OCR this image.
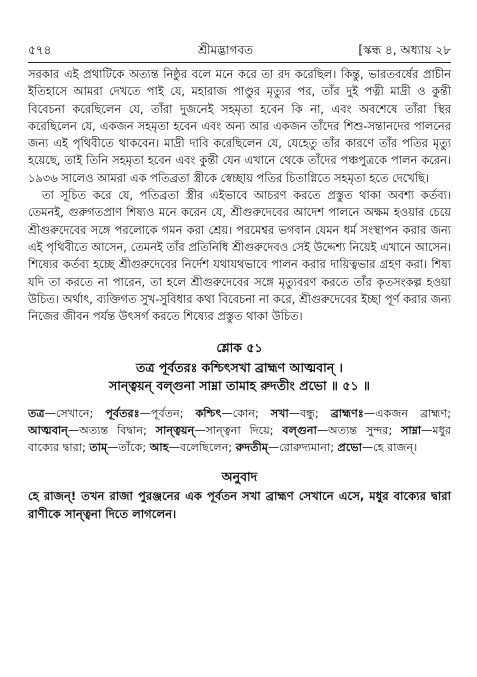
৫৭৪	শ্রীমদ্ভাগবত	[স্কন্ধ ৪, অধ্যায় ২৮

সরকার এই প্রথাটিকে অত্যন্ত নিষ্ঠুর বলে মনে করে তা রদ করেছিল। কিন্তু, ভারতবর্ষের প্রাচীন ইতিহাসে আমরা দেখতে পাই যে, মহারাজ পাণ্ডুর মৃত্যুর পর, তাঁর দুই পত্নী মাদ্রী ও কুন্তী বিবেচনা করেছিলেন যে, তাঁরা দুজনেই সহমৃতা হবেন কি না, এবং অবশেষে তাঁরা স্থির করেছিলেন যে, একজন সহমৃতা হবেন এবং অন্য আর একজন তাঁদের শিশু-সন্তানদের পালনের জন্য এই পৃথিবীতে থাকবেন। মাদ্রী দাবি করেছিলেন যে, যেহেতু তাঁর কারণে তাঁর পতির মৃত্যু হয়েছে, তাই তিনি সহমৃতা হবেন এবং কুন্তী যেন এখানে থেকে তাঁদের পঞ্চপুত্রকে পালন করেন। ১৯৩৬ সালেও আমরা এক পতিব্রতা স্ত্রীকে স্বেচ্ছায় পতির চিতাগ্নিতে সহমৃতা হতে দেখেছি।

তা সূচিত করে যে, পতিব্রতা স্ত্রীর এইভাবে আচরণ করতে প্রস্তুত থাকা অবশ্য কর্তব্য। তেমনই, গুরুগতপ্রাণ শিষ্যও মনে করেন যে, শ্রীগুরুদেবের আদেশ পালনে অক্ষম হওয়ার চেয়ে শ্রীগুরুদেবের সঙ্গে পরলোকে গমন করা শ্রেয়। পরমেশ্বর ভগবান যেমন ধর্ম সংস্থাপন করার জন্য এই পৃথিবীতে আসেন, তেমনই তাঁর প্রতিনিধি শ্রীগুরুদেবও সেই উদ্দেশ্য নিয়েই এখানে আসেন। শিষ্যের কর্তব্য হচ্ছে শ্রীগুরুদেবের নির্দেশ যথাযথভাবে পালন করার দায়িত্বভার গ্রহণ করা। শিষ্য যদি তা করতে না পারেন, তা হলে শ্রীগুরুদেবের সঙ্গে মৃত্যুবরণ করতে তাঁর কৃতসংকল্প হওয়া উচিত। অর্থাৎ, ব্যক্তিগত সুখ-সুবিধার কথা বিবেচনা না করে, শ্রীগুরুদেবের ইচ্ছা পূর্ণ করার জন্য নিজের জীবন পর্যন্ত উৎসর্গ করতে শিষ্যের প্রস্তুত থাকা উচিত।

শ্লোক ৫১
তত্র পূর্বতরঃ কশ্চিৎসখা ব্রাহ্মণ আত্মবান্ ।
সান্ত্বয়ন্ বল্গুনা সাম্না তামাহ রুদতীং প্রভো ॥ ৫১ ॥
তত্র—সেখানে; পূর্বতরঃ—পূর্বতন; কশ্চিৎ—কোন; সখা—বন্ধু; ব্রাহ্মণঃ—একজন ব্রাহ্মণ; আত্মবান্—অত্যন্ত বিদ্বান; সান্ত্বয়ন্—সান্ত্বনা দিয়ে; বল্গুনা—অত্যন্ত সুন্দর; সাম্না—মধুর বাক্যের দ্বারা; তাম্—তাঁকে; আহ—বলেছিলেন; রুদতীম্—রোরুদ্যমানা; প্রভো—হে রাজন্।
অনুবাদ
হে রাজন্! তখন রাজা পুরঞ্জনের এক পূর্বতন সখা ব্রাহ্মণ সেখানে এসে, মধুর বাক্যের দ্বারা রাণীকে সান্ত্বনা দিতে লাগলেন।
